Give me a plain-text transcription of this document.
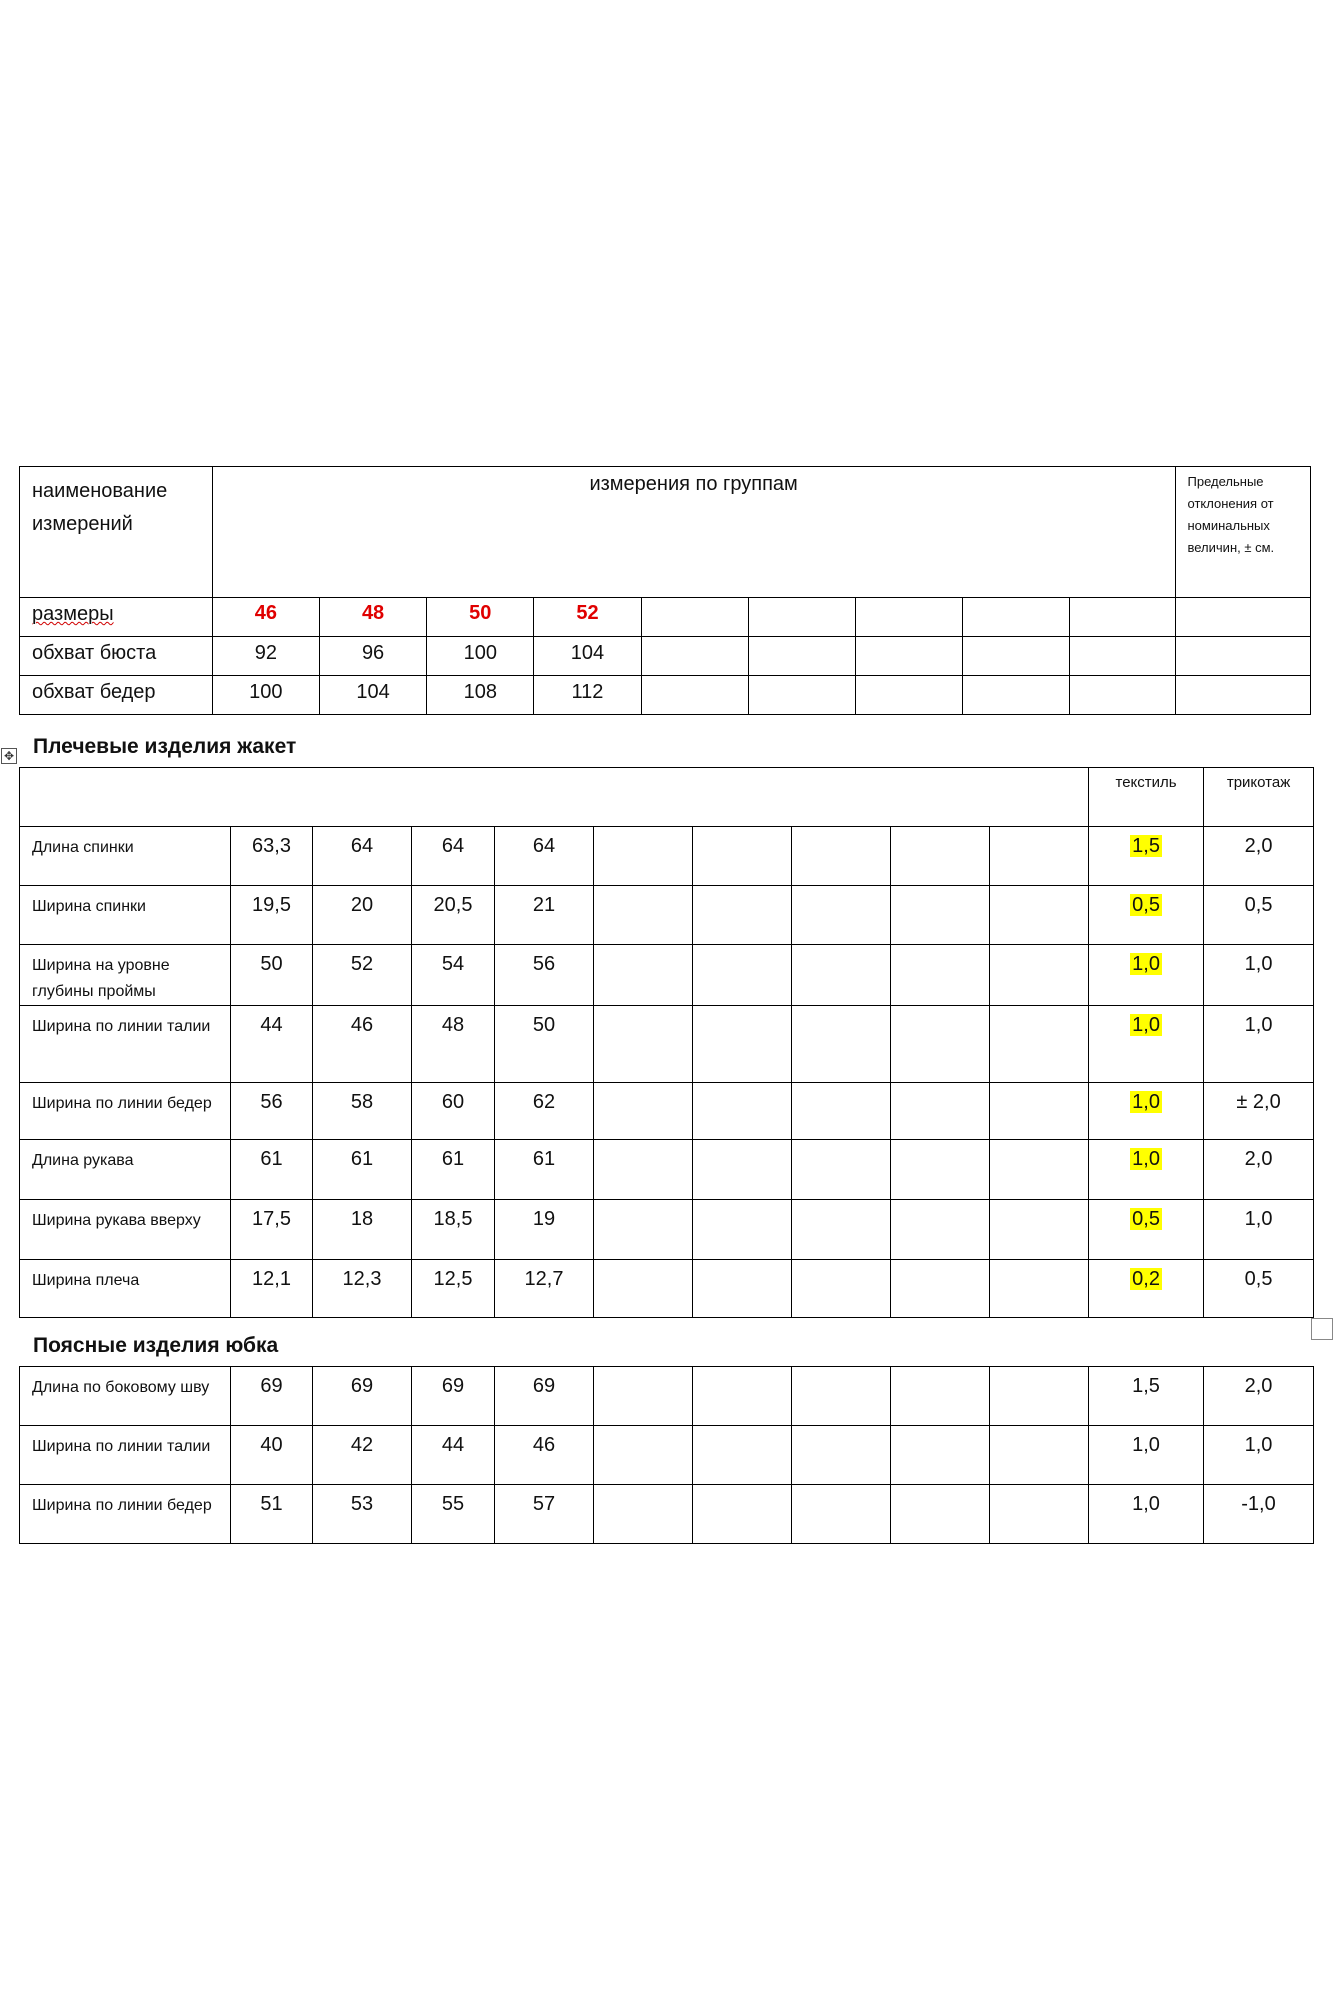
наименование измерений	измерения по группам									Предельные отклонения от номинальных величин, ± см.
размеры	46	48	50	52						
обхват бюста	92	96	100	104						
обхват бедер	100	104	108	112						
✥ Плечевые изделия жакет
										текстиль	трикотаж
Длина спинки	63,3	64	64	64						1,5	2,0
Ширина спинки	19,5	20	20,5	21						0,5	0,5
Ширина на уровне глубины проймы	50	52	54	56						1,0	1,0
Ширина по линии талии	44	46	48	50						1,0	1,0
Ширина по линии бедер	56	58	60	62						1,0	± 2,0
Длина рукава	61	61	61	61						1,0	2,0
Ширина рукава вверху	17,5	18	18,5	19						0,5	1,0
Ширина плеча	12,1	12,3	12,5	12,7						0,2	0,5
Поясные изделия юбка
Длина по боковому шву	69	69	69	69						1,5	2,0
Ширина по линии талии	40	42	44	46						1,0	1,0
Ширина по линии бедер	51	53	55	57						1,0	-1,0
